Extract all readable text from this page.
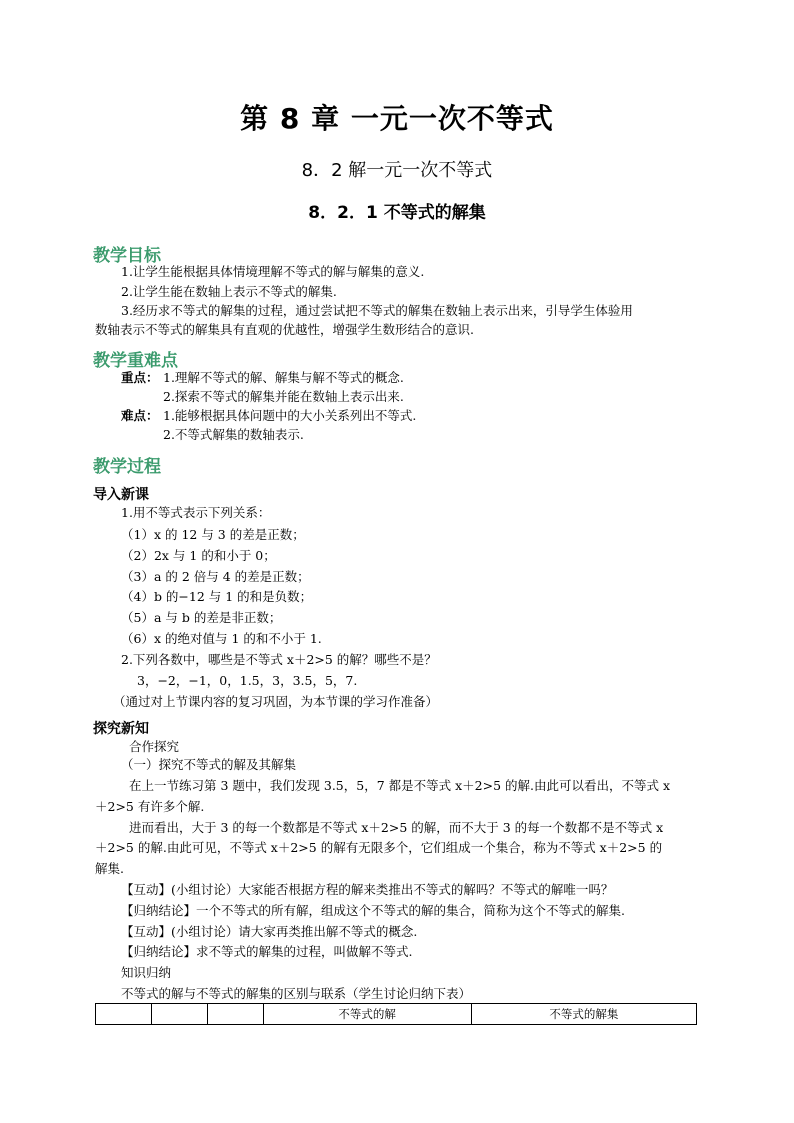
第 8 章 一元一次不等式
8．2 解一元一次不等式
8．2．1 不等式的解集
教学目标
1.让学生能根据具体情境理解不等式的解与解集的意义.
2.让学生能在数轴上表示不等式的解集.
3.经历求不等式的解集的过程，通过尝试把不等式的解集在数轴上表示出来，引导学生体验用
数轴表示不等式的解集具有直观的优越性，增强学生数形结合的意识.
教学重难点
重点： 1.理解不等式的解、解集与解不等式的概念.
2.探索不等式的解集并能在数轴上表示出来.
难点： 1.能够根据具体问题中的大小关系列出不等式.
2.不等式解集的数轴表示.
教学过程
导入新课
1.用不等式表示下列关系：
（1）x 的 12 与 3 的差是正数；
（2）2x 与 1 的和小于 0；
（3）a 的 2 倍与 4 的差是正数；
（4）b 的−12 与 1 的和是负数；
（5）a 与 b 的差是非正数；
（6）x 的绝对值与 1 的和不小于 1.
2.下列各数中，哪些是不等式 x＋2>5 的解？哪些不是？
3，−2，−1，0，1.5，3，3.5，5，7.
（通过对上节课内容的复习巩固，为本节课的学习作准备）
探究新知
合作探究
（一）探究不等式的解及其解集
在上一节练习第 3 题中，我们发现 3.5，5，7 都是不等式 x＋2>5 的解.由此可以看出，不等式 x
＋2>5 有许多个解.
进而看出，大于 3 的每一个数都是不等式 x＋2>5 的解，而不大于 3 的每一个数都不是不等式 x
＋2>5 的解.由此可见，不等式 x＋2>5 的解有无限多个，它们组成一个集合，称为不等式 x＋2>5 的
解集.
【互动】(小组讨论）大家能否根据方程的解来类推出不等式的解吗？不等式的解唯一吗？
【归纳结论】一个不等式的所有解，组成这个不等式的解的集合，简称为这个不等式的解集.
【互动】(小组讨论）请大家再类推出解不等式的概念.
【归纳结论】求不等式的解集的过程，叫做解不等式.
知识归纳
不等式的解与不等式的解集的区别与联系（学生讨论归纳下表）
			不等式的解	不等式的解集
